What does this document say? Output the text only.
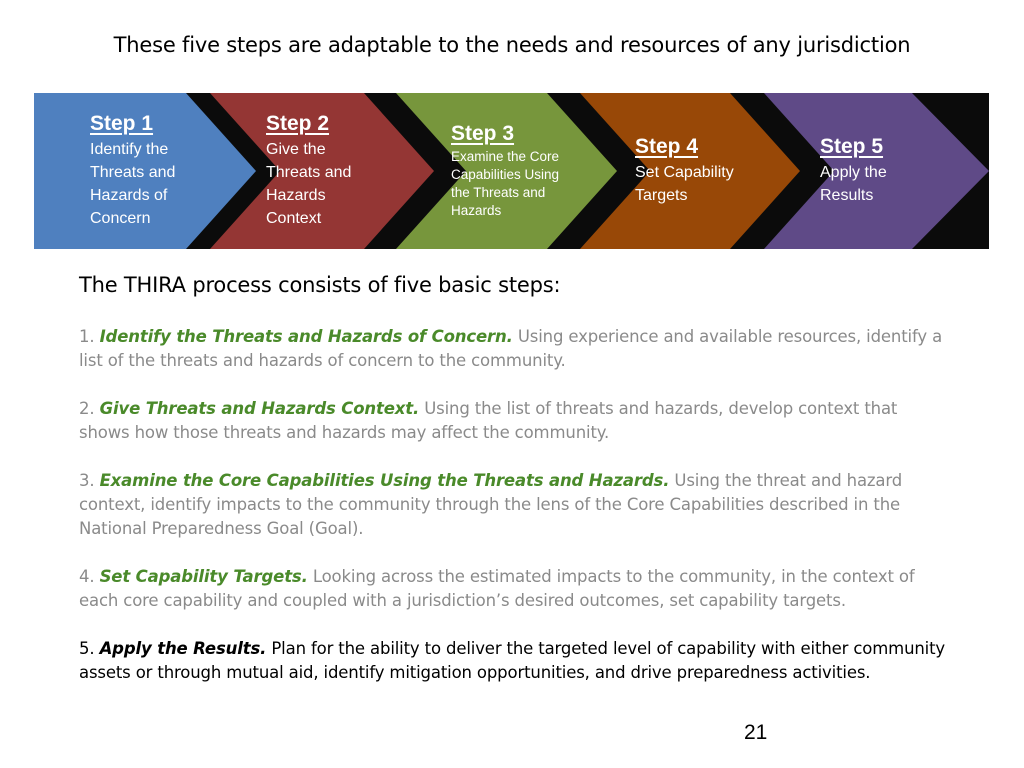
These five steps are adaptable to the needs and resources of any jurisdiction
Step 1
Identify the
Threats and
Hazards of
Concern
Step 2
Give the
Threats and
Hazards
Context
Step 3
Examine the Core
Capabilities Using
the Threats and
Hazards
Step 4
Set Capability
Targets
Step 5
Apply the
Results
The THIRA process consists of five basic steps:

1. Identify the Threats and Hazards of Concern. Using experience and available resources, identify a list of the threats and hazards of concern to the community.

2. Give Threats and Hazards Context. Using the list of threats and hazards, develop context that shows how those threats and hazards may affect the community.

3. Examine the Core Capabilities Using the Threats and Hazards. Using the threat and hazard context, identify impacts to the community through the lens of the Core Capabilities described in the National Preparedness Goal (Goal).

4. Set Capability Targets. Looking across the estimated impacts to the community, in the context of each core capability and coupled with a jurisdiction’s desired outcomes, set capability targets.

5. Apply the Results. Plan for the ability to deliver the targeted level of capability with either community assets or through mutual aid, identify mitigation opportunities, and drive preparedness activities.

21
